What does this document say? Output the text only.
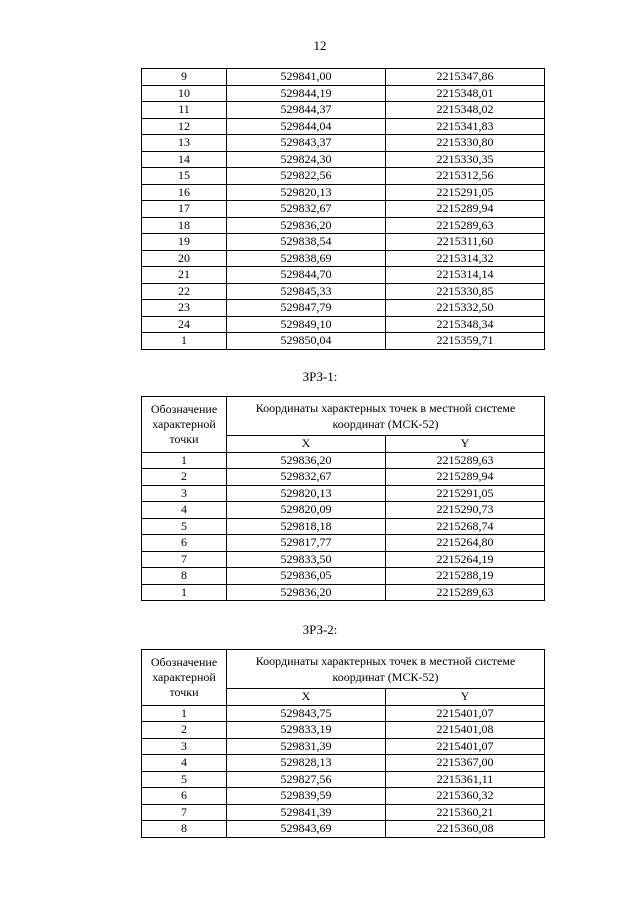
12
9	529841,00	2215347,86
10	529844,19	2215348,01
11	529844,37	2215348,02
12	529844,04	2215341,83
13	529843,37	2215330,80
14	529824,30	2215330,35
15	529822,56	2215312,56
16	529820,13	2215291,05
17	529832,67	2215289,94
18	529836,20	2215289,63
19	529838,54	2215311,60
20	529838,69	2215314,32
21	529844,70	2215314,14
22	529845,33	2215330,85
23	529847,79	2215332,50
24	529849,10	2215348,34
1	529850,04	2215359,71
ЗРЗ-1:
Обозначение характерной точки	Координаты характерных точек в местной системе координат (МСК-52)	
	X	Y
1	529836,20	2215289,63
2	529832,67	2215289,94
3	529820,13	2215291,05
4	529820,09	2215290,73
5	529818,18	2215268,74
6	529817,77	2215264,80
7	529833,50	2215264,19
8	529836,05	2215288,19
1	529836,20	2215289,63
ЗРЗ-2:
Обозначение характерной точки	Координаты характерных точек в местной системе координат (МСК-52)	
	X	Y
1	529843,75	2215401,07
2	529833,19	2215401,08
3	529831,39	2215401,07
4	529828,13	2215367,00
5	529827,56	2215361,11
6	529839,59	2215360,32
7	529841,39	2215360,21
8	529843,69	2215360,08
